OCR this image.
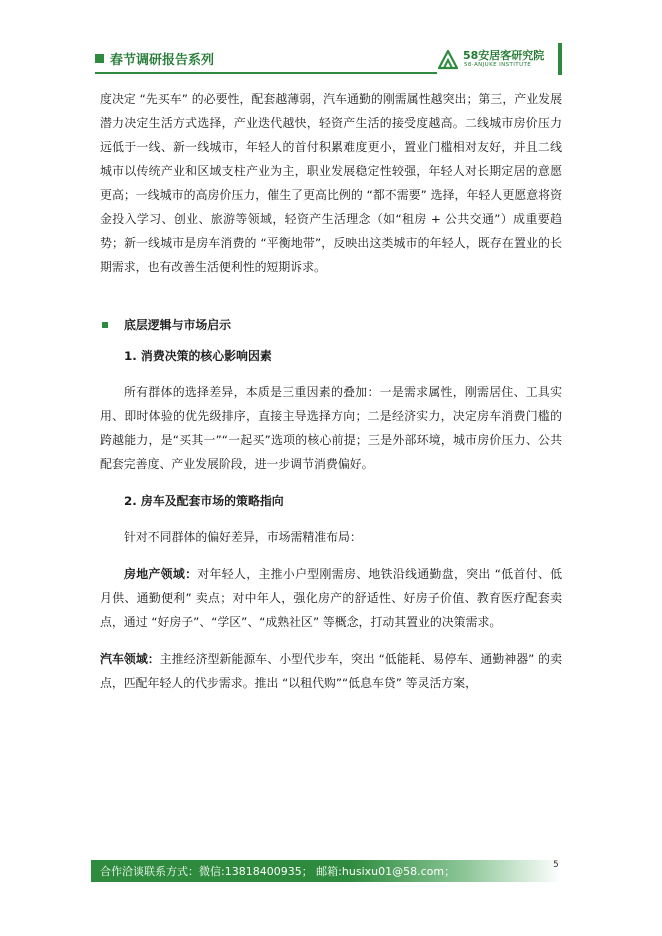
春节调研报告系列	58安居客研究院
58·ANJUKE INSTITUTE

度决定 “先买车” 的必要性，配套越薄弱，汽车通勤的刚需属性越突出；第三，产业发展潜力决定生活方式选择，产业迭代越快，轻资产生活的接受度越高。二线城市房价压力远低于一线、新一线城市，年轻人的首付积累难度更小，置业门槛相对友好，并且二线城市以传统产业和区域支柱产业为主，职业发展稳定性较强，年轻人对长期定居的意愿更高；一线城市的高房价压力，催生了更高比例的 “都不需要” 选择，年轻人更愿意将资金投入学习、创业、旅游等领域，轻资产生活理念（如“租房 + 公共交通”）成重要趋势；新一线城市是房车消费的 “平衡地带”，反映出这类城市的年轻人，既存在置业的长期需求，也有改善生活便利性的短期诉求。

底层逻辑与市场启示
1. 消费决策的核心影响因素

所有群体的选择差异，本质是三重因素的叠加：一是需求属性，刚需居住、工具实用、即时体验的优先级排序，直接主导选择方向；二是经济实力，决定房车消费门槛的跨越能力，是“买其一”“一起买”选项的核心前提；三是外部环境，城市房价压力、公共配套完善度、产业发展阶段，进一步调节消费偏好。

2. 房车及配套市场的策略指向

针对不同群体的偏好差异，市场需精准布局：

房地产领域：对年轻人，主推小户型刚需房、地铁沿线通勤盘，突出 “低首付、低月供、通勤便利” 卖点；对中年人，强化房产的舒适性、好房子价值、教育医疗配套卖点，通过 “好房子”、“学区”、“成熟社区” 等概念，打动其置业的决策需求。

汽车领域：主推经济型新能源车、小型代步车，突出 “低能耗、易停车、通勤神器” 的卖点，匹配年轻人的代步需求。推出 “以租代购”“低息车贷” 等灵活方案，

合作洽谈联系方式：微信:13818400935； 邮箱:husixu01@58.com；	5
